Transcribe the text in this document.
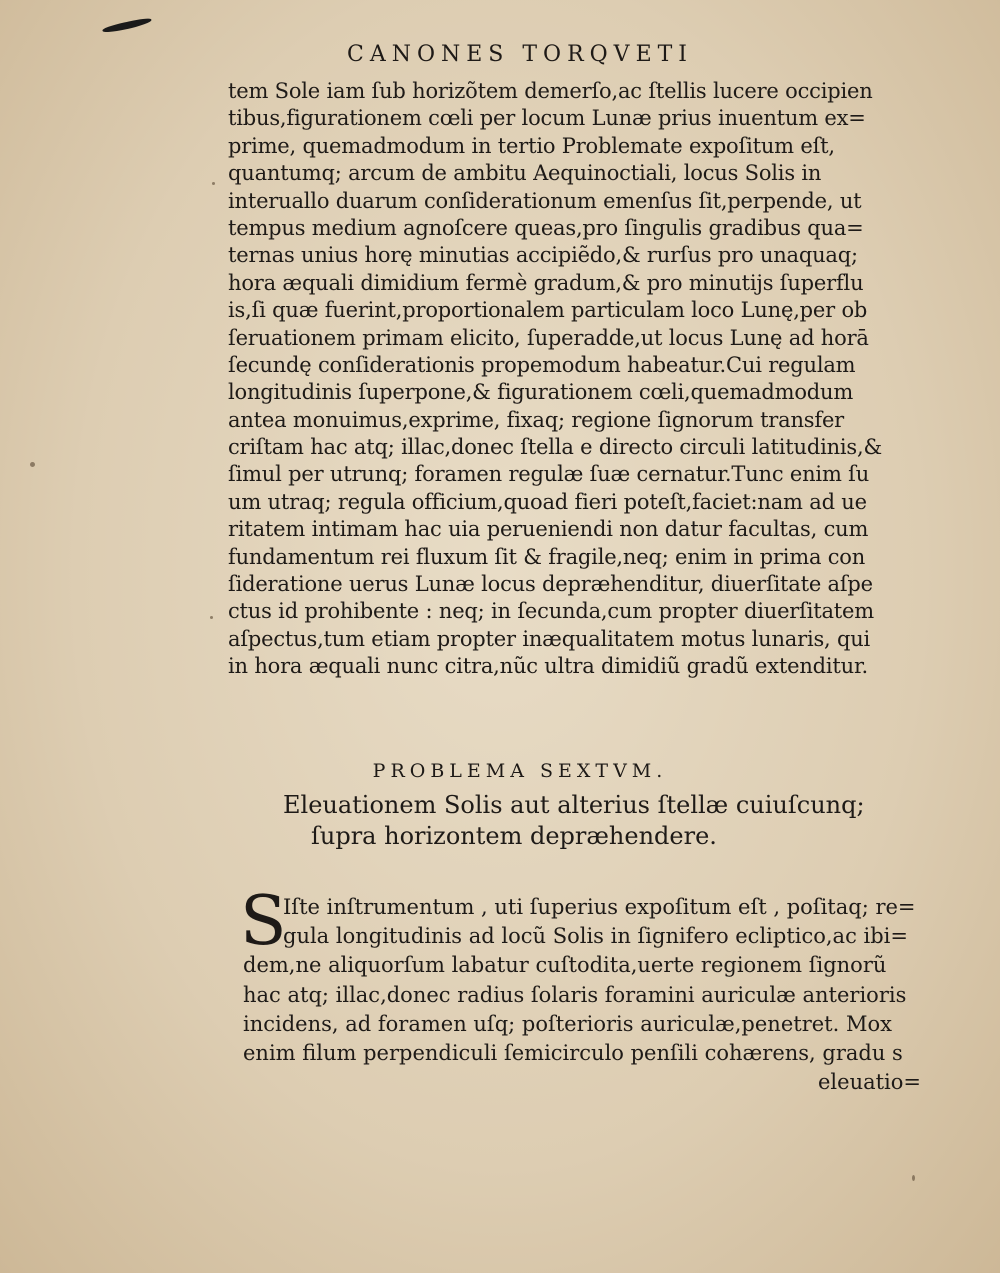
CANONES TORQVETI
tem Sole iam ſub horizõtem demerſo,ac ſtellis lucere occipien
tibus,figurationem cœli per locum Lunæ prius inuentum ex=
prime, quemadmodum in tertio Problemate expoſitum eſt,
quantumq; arcum de ambitu Aequinoctiali, locus Solis in
interuallo duarum conſiderationum emenſus ſit,perpende, ut
tempus medium agnoſcere queas,pro ſingulis gradibus qua=
ternas unius horę minutias accipiẽdo,& rurſus pro unaquaq;
hora æquali dimidium fermè gradum,& pro minutijs ſuperflu
is,ſi quæ fuerint,proportionalem particulam loco Lunę,per ob
ſeruationem primam elicito, ſuperadde,ut locus Lunę ad horā
ſecundę conſiderationis propemodum habeatur.Cui regulam
longitudinis ſuperpone,& figurationem cœli,quemadmodum
antea monuimus,exprime, fixaq; regione ſignorum transfer
criſtam hac atq; illac,donec ſtella e directo circuli latitudinis,&
ſimul per utrunq; foramen regulæ ſuæ cernatur.Tunc enim ſu
um utraq; regula officium,quoad fieri poteſt,faciet:nam ad ue
ritatem intimam hac uia perueniendi non datur facultas, cum
fundamentum rei fluxum ſit & fragile,neq; enim in prima con
ſideratione uerus Lunæ locus depræhenditur, diuerſitate aſpe
ctus id prohibente : neq; in ſecunda,cum propter diuerſitatem
aſpectus,tum etiam propter inæqualitatem motus lunaris, qui
in hora æquali nunc citra,nũc ultra dimidiũ gradũ extenditur.
PROBLEMA SEXTVM.
Eleuationem Solis aut alterius ſtellæ cuiuſcunq;
ſupra horizontem depræhendere.
S
Iſte inſtrumentum , uti ſuperius expoſitum eſt , poſitaq; re=
gula longitudinis ad locũ Solis in ſignifero ecliptico,ac ibi=
dem,ne aliquorſum labatur cuſtodita,uerte regionem ſignorũ
hac atq; illac,donec radius ſolaris foramini auriculæ anterioris
incidens, ad foramen uſq; poſterioris auriculæ,penetret. Mox
enim filum perpendiculi ſemicirculo penſili cohærens, gradu s
eleuatio=
